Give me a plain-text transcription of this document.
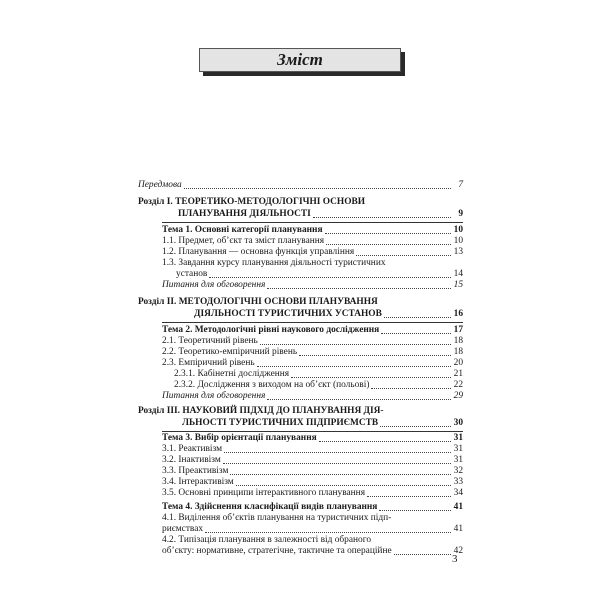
Зміст
Передмова	7
Розділ І. ТЕОРЕТИКО-МЕТОДОЛОГІЧНІ ОСНОВИ
ПЛАНУВАННЯ ДІЯЛЬНОСТІ	9
Тема 1. Основні категорії планування	10
1.1. Предмет, об’єкт та зміст планування	10
1.2. Планування — основна функція управління	13
1.3. Завдання курсу планування діяльності туристичних
установ	14
Питання для обговорення	15
Розділ II. МЕТОДОЛОГІЧНІ ОСНОВИ ПЛАНУВАННЯ
ДІЯЛЬНОСТІ ТУРИСТИЧНИХ УСТАНОВ	16
Тема 2. Методологічні рівні наукового дослідження	17
2.1. Теоретичний рівень	18
2.2. Теоретико-емпіричний рівень	18
2.3. Емпіричний рівень	20
2.3.1. Кабінетні дослідження	21
2.3.2. Дослідження з виходом на об’єкт (польові)	22
Питання для обговорення	29
Розділ III. НАУКОВИЙ ПІДХІД ДО ПЛАНУВАННЯ ДІЯ-
ЛЬНОСТІ ТУРИСТИЧНИХ ПІДПРИЄМСТВ	30
Тема 3. Вибір орієнтації планування	31
3.1. Реактивізм	31
3.2. Інактивізм	31
3.3. Преактивізм	32
3.4. Інтерактивізм	33
3.5. Основні принципи інтерактивного планування	34
Тема 4. Здійснення класифікації видів планування	41
4.1. Виділення об’єктів планування на туристичних підп-
риємствах	41
4.2. Типізація планування в залежності від обраного
об’єкту: нормативне, стратегічне, тактичне та операційне	42
3
